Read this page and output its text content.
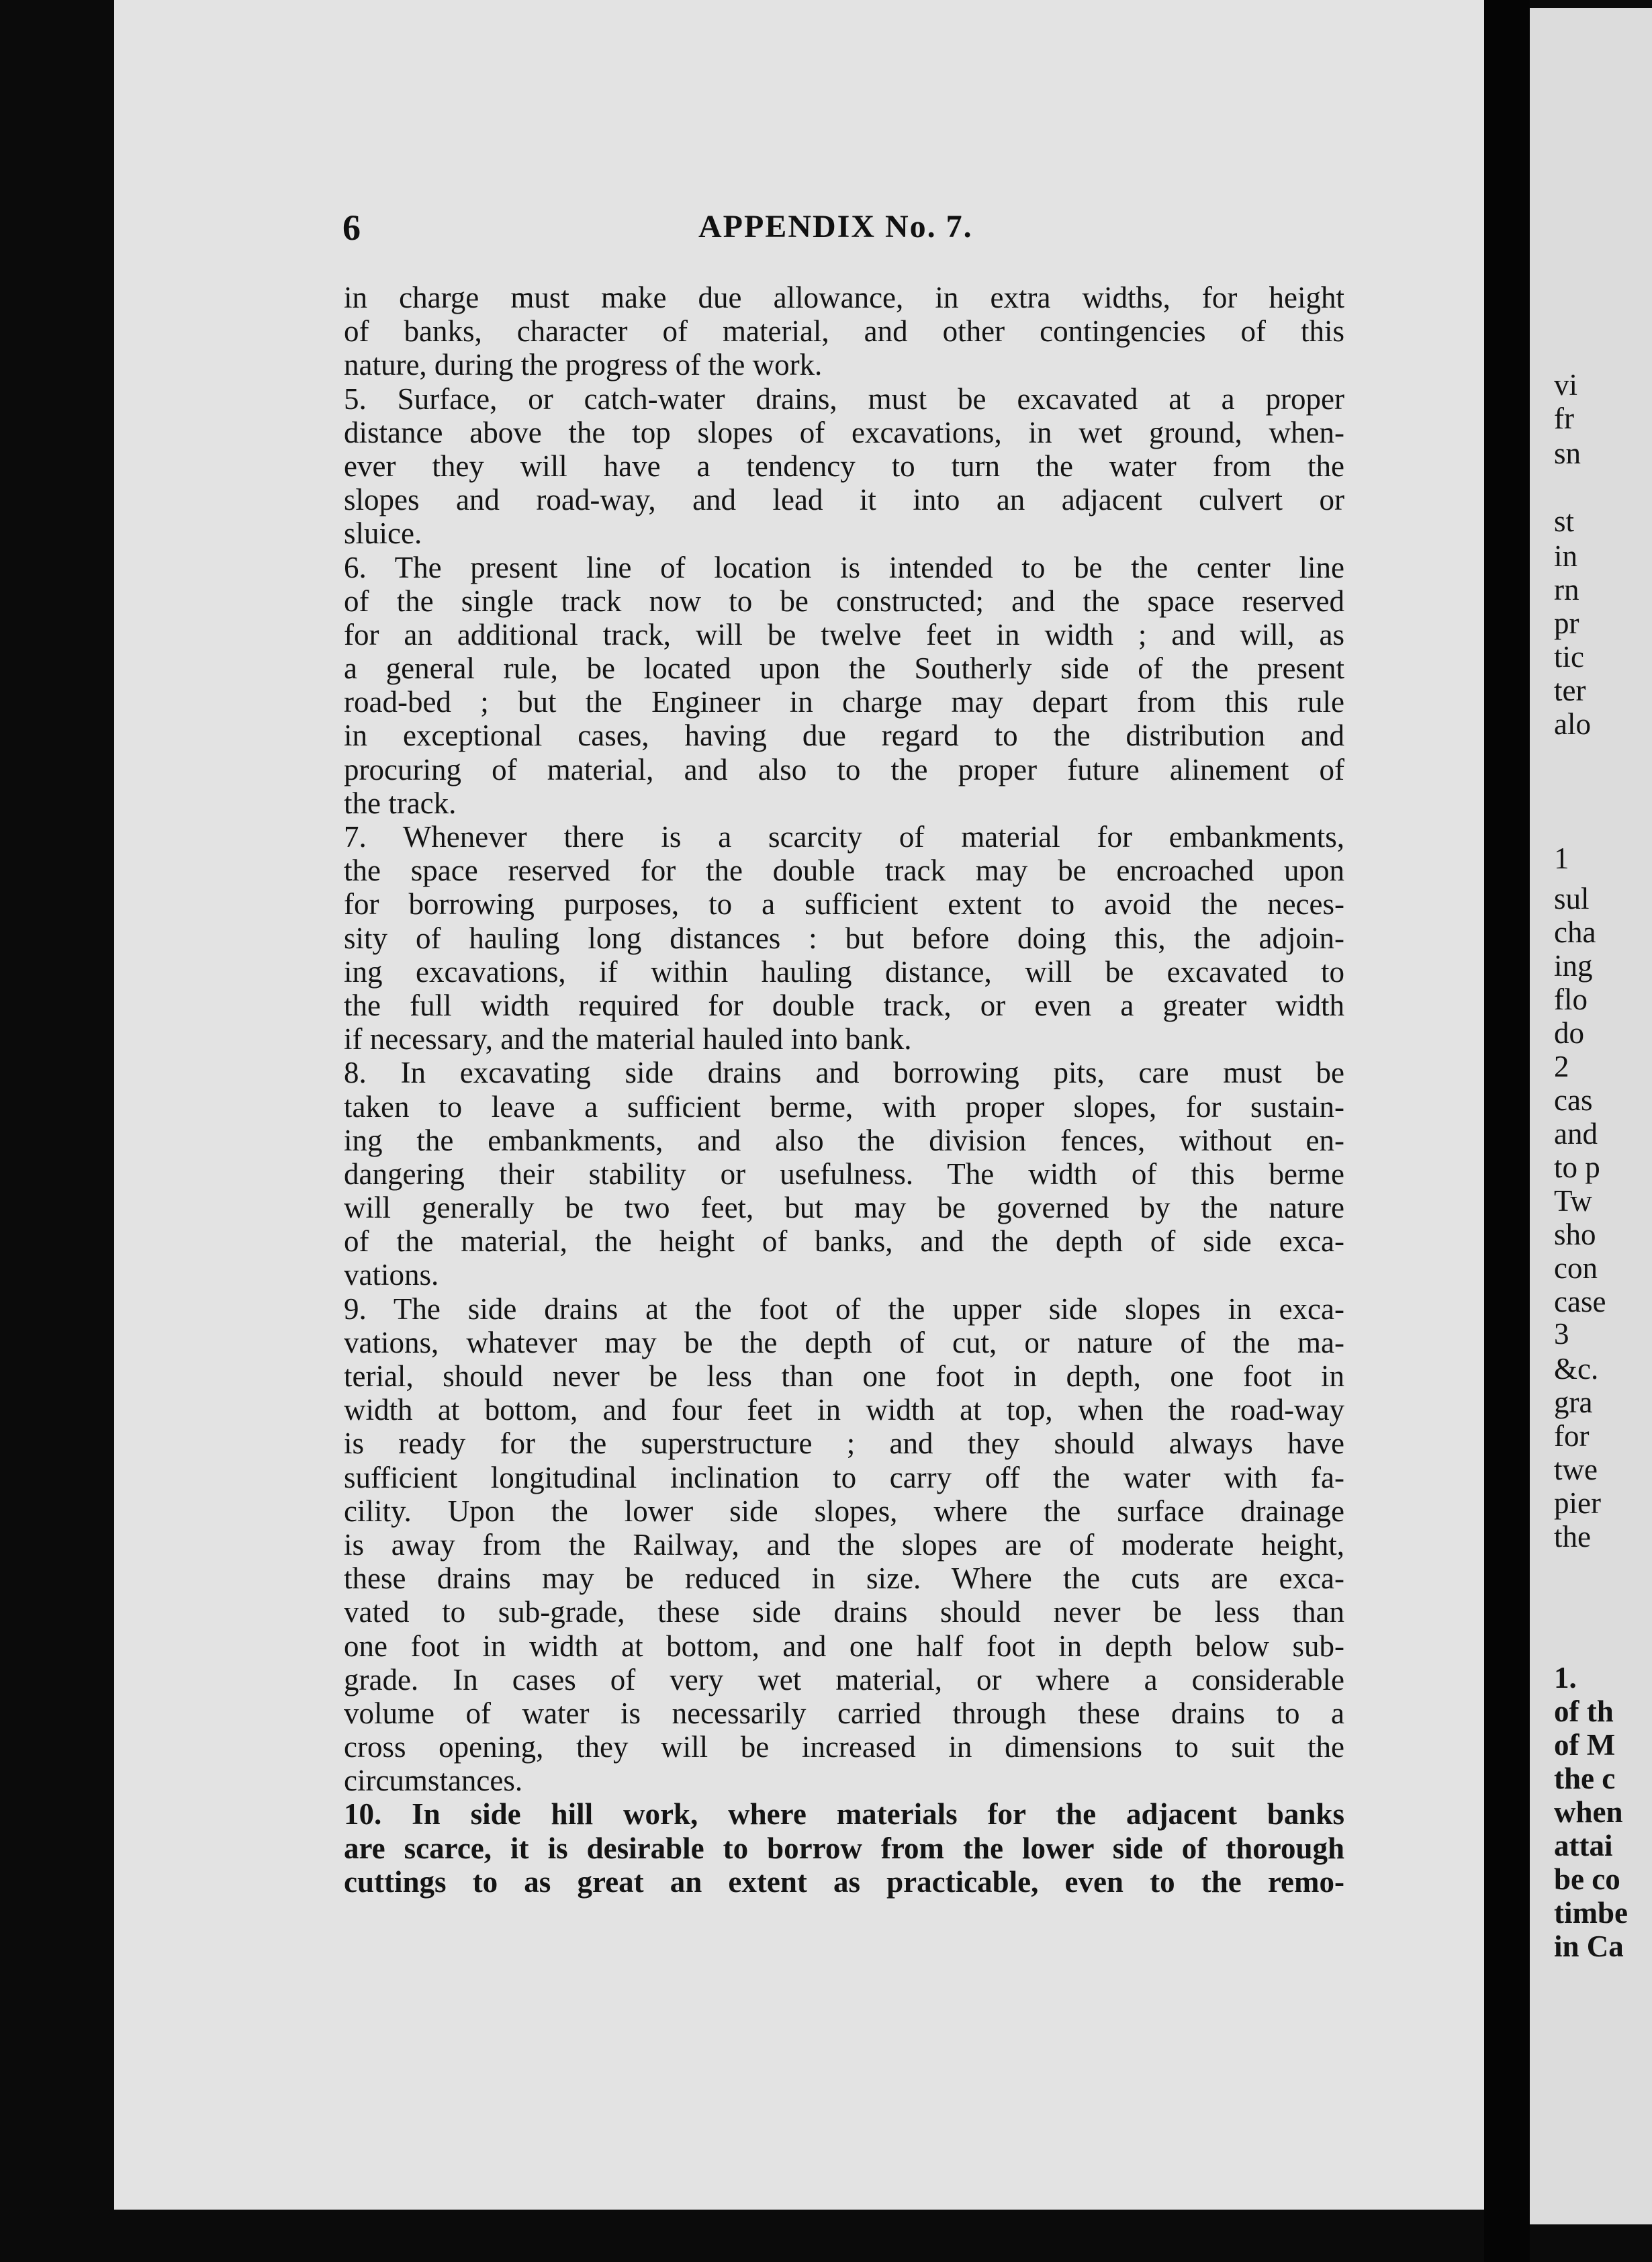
vi
fr
sn
st
in
rn
pr
tic
ter
alo
1
sul
cha
ing
flo
do
2
cas
and
to p
Tw
sho
con
case
3
&c.
gra
for
twe
pier
the
1.
of th
of M
the c
when
attai
be co
timbe
in Ca
6	APPENDIX No. 7.
in charge must make due allowance, in extra widths, for height
of banks, character of material, and other contingencies of this
nature, during the progress of the work.
5. Surface, or catch-water drains, must be excavated at a proper
distance above the top slopes of excavations, in wet ground, when-
ever they will have a tendency to turn the water from the
slopes and road-way, and lead it into an adjacent culvert or
sluice.
6. The present line of location is intended to be the center line
of the single track now to be constructed; and the space reserved
for an additional track, will be twelve feet in width ; and will, as
a general rule, be located upon the Southerly side of the present
road-bed ; but the Engineer in charge may depart from this rule
in exceptional cases, having due regard to the distribution and
procuring of material, and also to the proper future alinement of
the track.
7. Whenever there is a scarcity of material for embankments,
the space reserved for the double track may be encroached upon
for borrowing purposes, to a sufficient extent to avoid the neces-
sity of hauling long distances : but before doing this, the adjoin-
ing excavations, if within hauling distance, will be excavated to
the full width required for double track, or even a greater width
if necessary, and the material hauled into bank.
8. In excavating side drains and borrowing pits, care must be
taken to leave a sufficient berme, with proper slopes, for sustain-
ing the embankments, and also the division fences, without en-
dangering their stability or usefulness. The width of this berme
will generally be two feet, but may be governed by the nature
of the material, the height of banks, and the depth of side exca-
vations.
9. The side drains at the foot of the upper side slopes in exca-
vations, whatever may be the depth of cut, or nature of the ma-
terial, should never be less than one foot in depth, one foot in
width at bottom, and four feet in width at top, when the road-way
is ready for the superstructure ; and they should always have
sufficient longitudinal inclination to carry off the water with fa-
cility. Upon the lower side slopes, where the surface drainage
is away from the Railway, and the slopes are of moderate height,
these drains may be reduced in size. Where the cuts are exca-
vated to sub-grade, these side drains should never be less than
one foot in width at bottom, and one half foot in depth below sub-
grade. In cases of very wet material, or where a considerable
volume of water is necessarily carried through these drains to a
cross opening, they will be increased in dimensions to suit the
circumstances.
10. In side hill work, where materials for the adjacent banks
are scarce, it is desirable to borrow from the lower side of thorough
cuttings to as great an extent as practicable, even to the remo-
